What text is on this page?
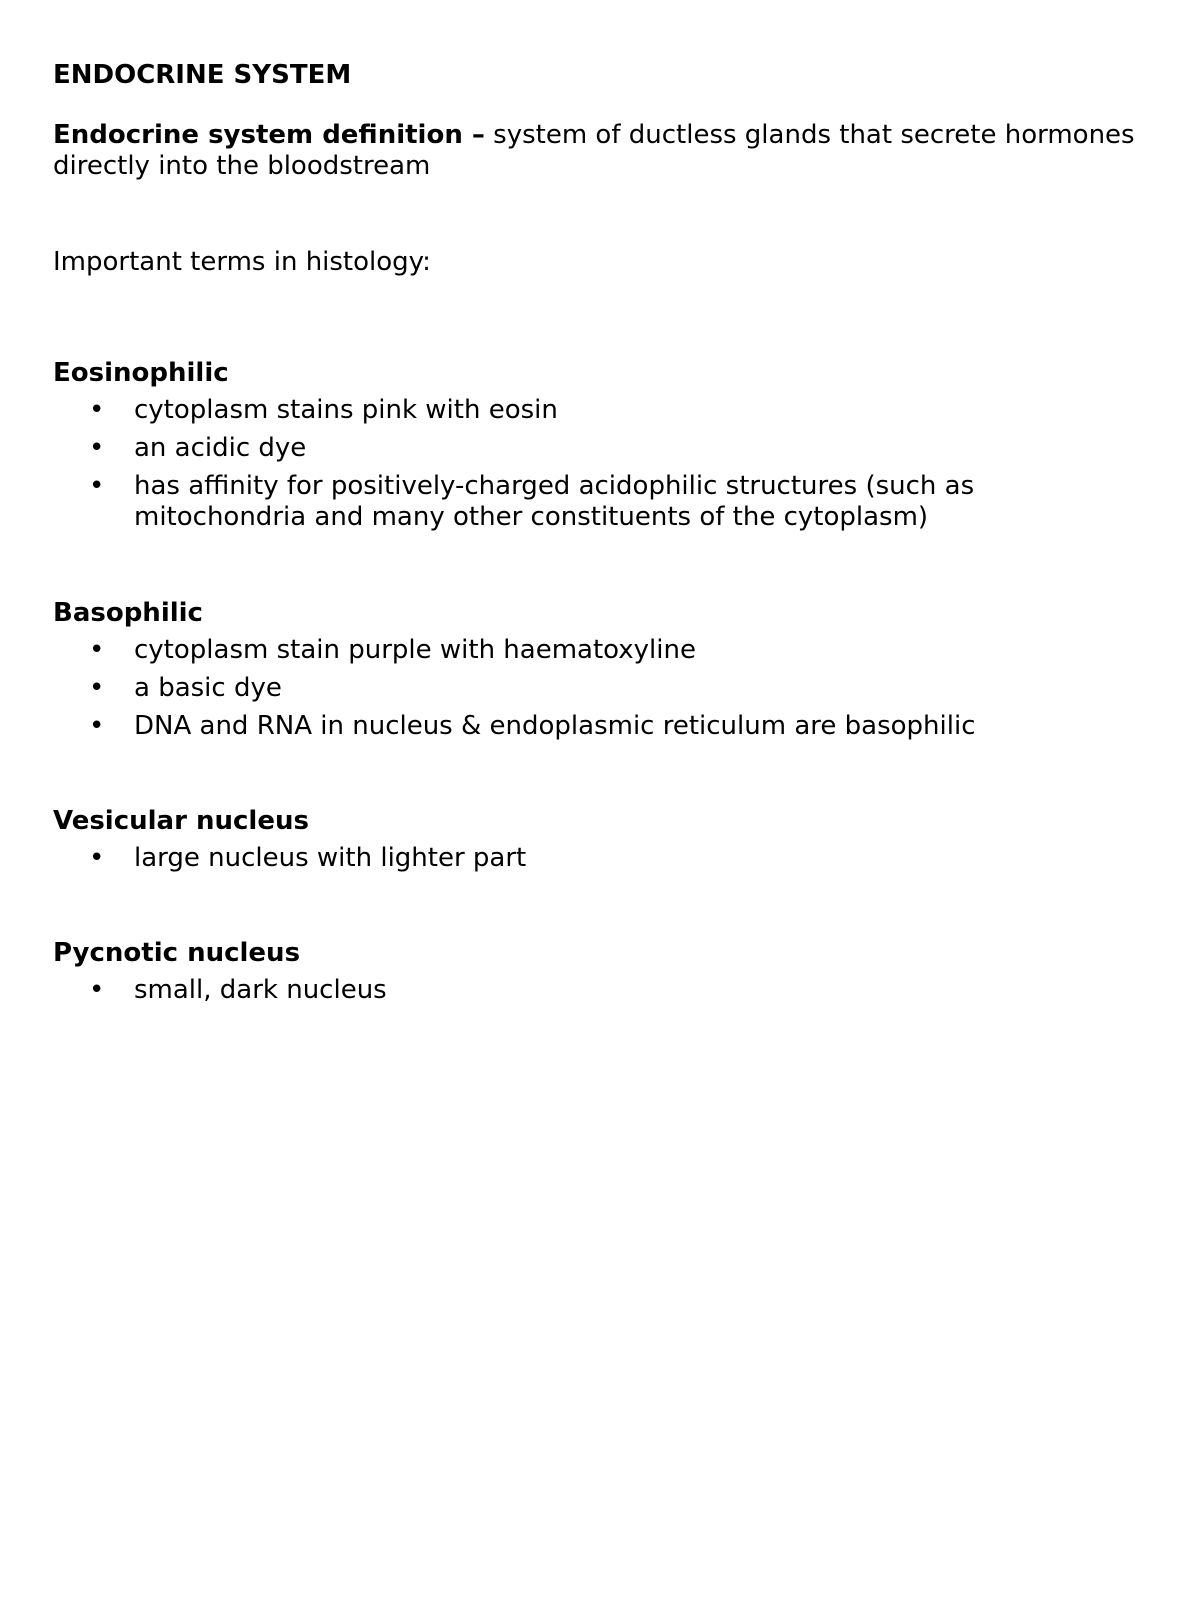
ENDOCRINE SYSTEM
Endocrine system definition – system of ductless glands that secrete hormones directly into the bloodstream
Important terms in histology:
Eosinophilic
• cytoplasm stains pink with eosin
• an acidic dye
• has affinity for positively-charged acidophilic structures (such as mitochondria and many other constituents of the cytoplasm)
Basophilic
• cytoplasm stain purple with haematoxyline
• a basic dye
• DNA and RNA in nucleus & endoplasmic reticulum are basophilic
Vesicular nucleus
• large nucleus with lighter part
Pycnotic nucleus
• small, dark nucleus
